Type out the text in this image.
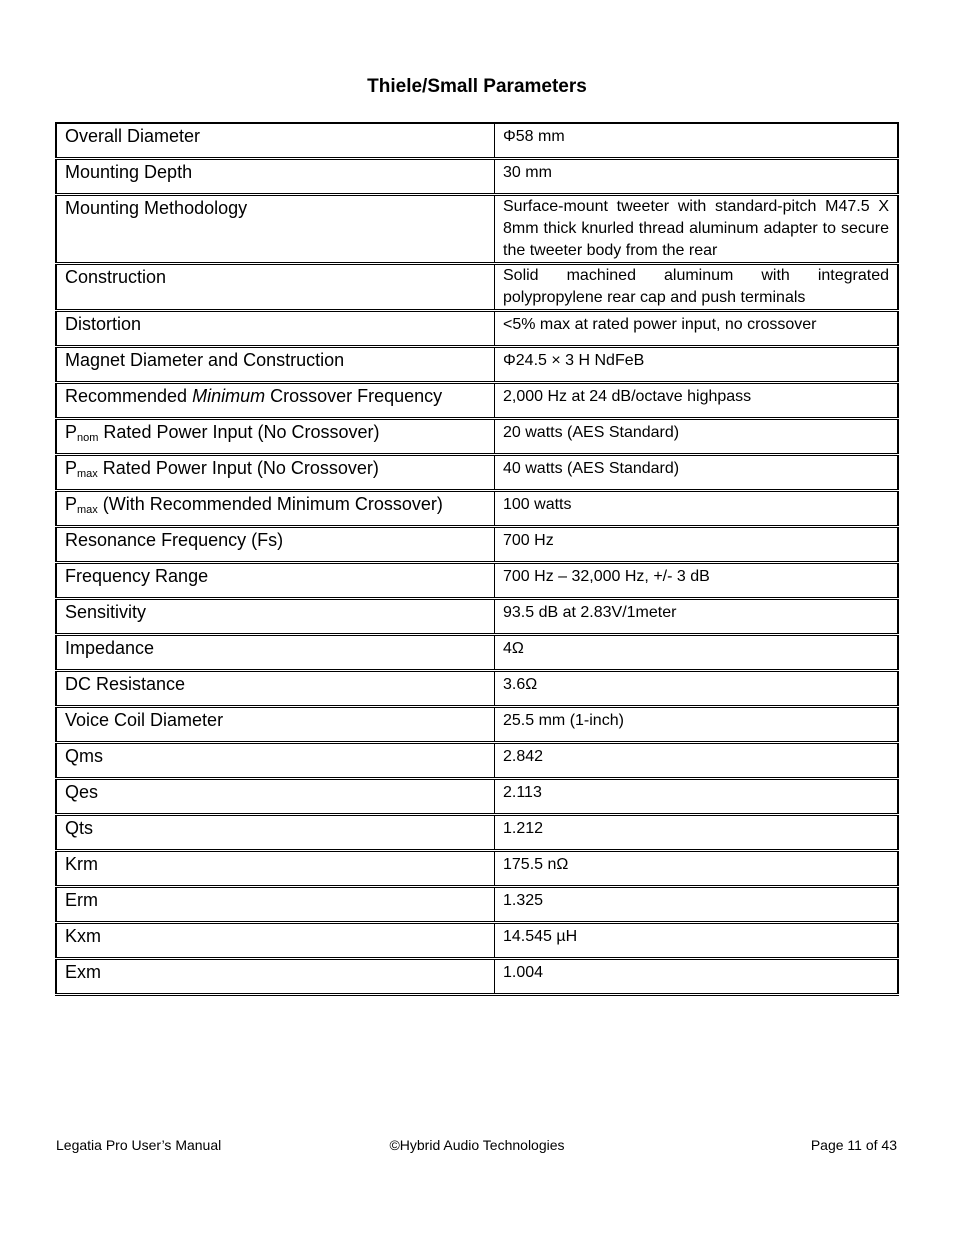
Thiele/Small Parameters
Overall Diameter	Φ58 mm
Mounting Depth	30 mm
Mounting Methodology	Surface-mount tweeter with standard-pitch M47.5 X 8mm thick knurled thread aluminum adapter to secure the tweeter body from the rear
Construction	Solid machined aluminum with integrated polypropylene rear cap and push terminals
Distortion	<5% max at rated power input, no crossover
Magnet Diameter and Construction	Φ24.5 × 3 H NdFeB
Recommended Minimum Crossover Frequency	2,000 Hz at 24 dB/octave highpass
$P_{nom}$ Rated Power Input (No Crossover)	20 watts (AES Standard)
$P_{max}$ Rated Power Input (No Crossover)	40 watts (AES Standard)
$P_{max}$ (With Recommended Minimum Crossover)	100 watts
Resonance Frequency (Fs)	700 Hz
Frequency Range	700 Hz – 32,000 Hz, +/- 3 dB
Sensitivity	93.5 dB at 2.83V/1meter
Impedance	4Ω
DC Resistance	3.6Ω
Voice Coil Diameter	25.5 mm (1-inch)
Qms	2.842
Qes	2.113
Qts	1.212
Krm	175.5 nΩ
Erm	1.325
Kxm	14.545 µH
Exm	1.004
Legatia Pro User’s Manual	©Hybrid Audio Technologies	Page 11 of 43
